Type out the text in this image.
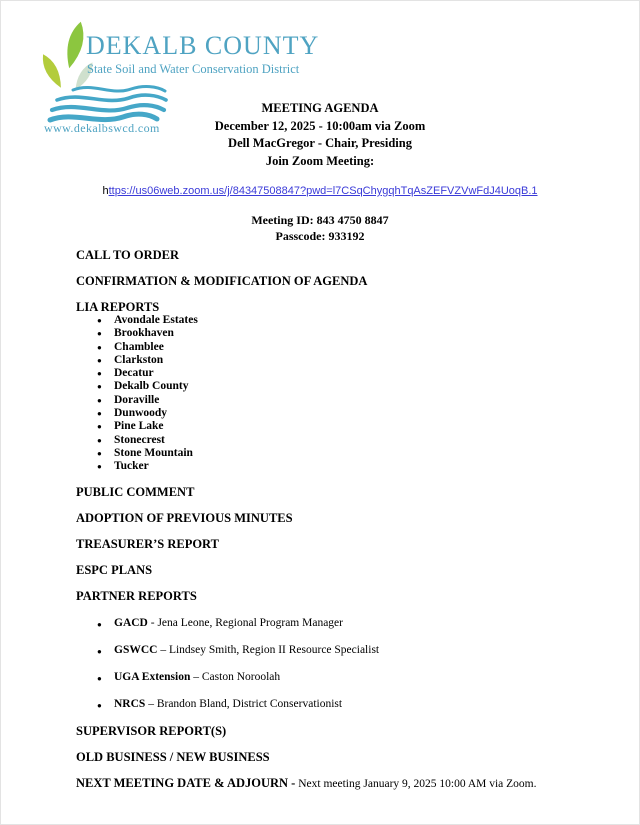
DEKALB COUNTY
State Soil and Water Conservation District
www.dekalbswcd.com
MEETING AGENDA
December 12, 2025 - 10:00am via Zoom
Dell MacGregor - Chair, Presiding
Join Zoom Meeting:
https://us06web.zoom.us/j/84347508847?pwd=l7CSqChygqhTqAsZEFVZVwFdJ4UoqB.1
Meeting ID: 843 4750 8847
Passcode: 933192
CALL TO ORDER
CONFIRMATION & MODIFICATION OF AGENDA
LIA REPORTS
● Avondale Estates
● Brookhaven
● Chamblee
● Clarkston
● Decatur
● Dekalb County
● Doraville
● Dunwoody
● Pine Lake
● Stonecrest
● Stone Mountain
● Tucker
PUBLIC COMMENT
ADOPTION OF PREVIOUS MINUTES
TREASURER’S REPORT
ESPC PLANS
PARTNER REPORTS
● GACD - Jena Leone, Regional Program Manager
● GSWCC – Lindsey Smith, Region II Resource Specialist
● UGA Extension – Caston Noroolah
● NRCS – Brandon Bland, District Conservationist
SUPERVISOR REPORT(S)
OLD BUSINESS / NEW BUSINESS
NEXT MEETING DATE & ADJOURN - Next meeting January 9, 2025 10:00 AM via Zoom.
